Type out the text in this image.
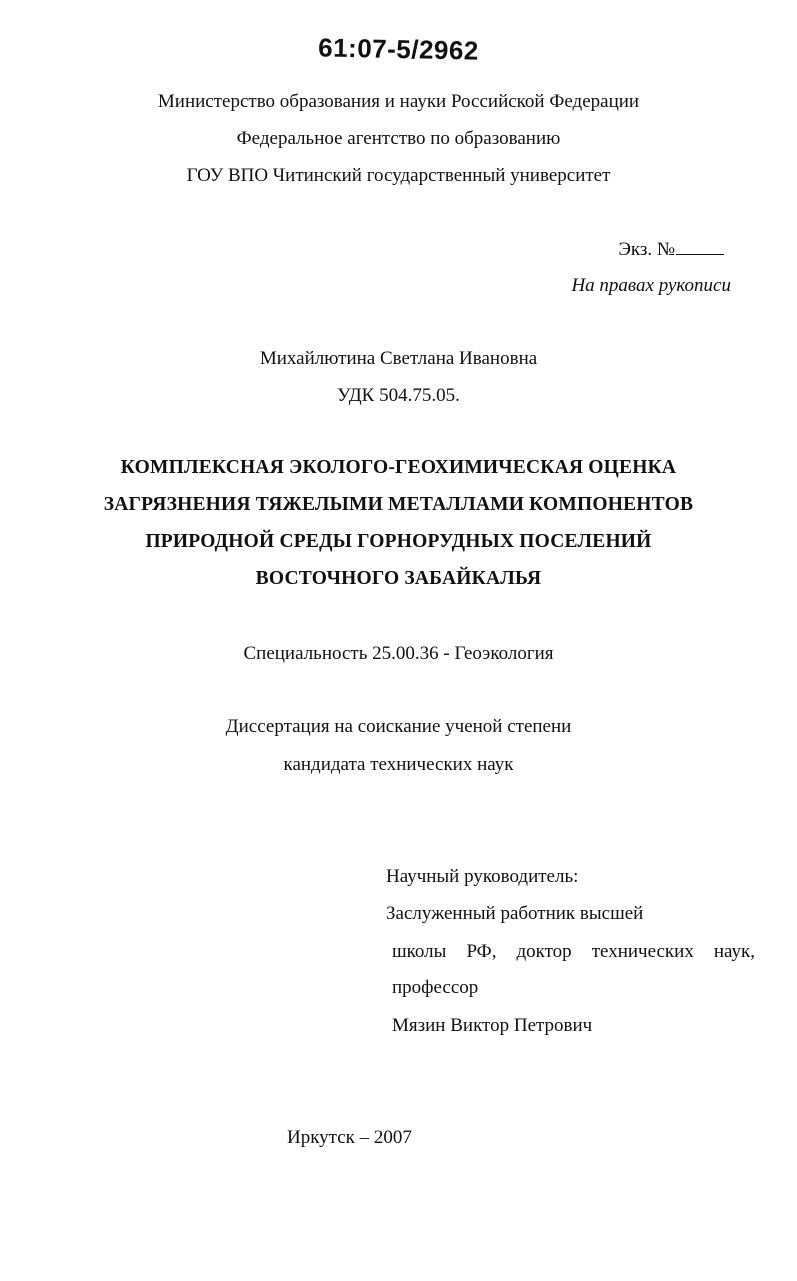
61:07-5/2962
Министерство образования и науки Российской Федерации
Федеральное агентство по образованию
ГОУ ВПО Читинский государственный университет
Экз. №
На правах рукописи
Михайлютина Светлана Ивановна
УДК 504.75.05.
КОМПЛЕКСНАЯ ЭКОЛОГО-ГЕОХИМИЧЕСКАЯ ОЦЕНКА
ЗАГРЯЗНЕНИЯ ТЯЖЕЛЫМИ МЕТАЛЛАМИ КОМПОНЕНТОВ
ПРИРОДНОЙ СРЕДЫ ГОРНОРУДНЫХ ПОСЕЛЕНИЙ
ВОСТОЧНОГО ЗАБАЙКАЛЬЯ
Специальность 25.00.36 - Геоэкология
Диссертация на соискание ученой степени
кандидата технических наук
Научный руководитель:
Заслуженный работник высшей
школы РФ, доктор технических наук,
профессор
Мязин Виктор Петрович
Иркутск – 2007
